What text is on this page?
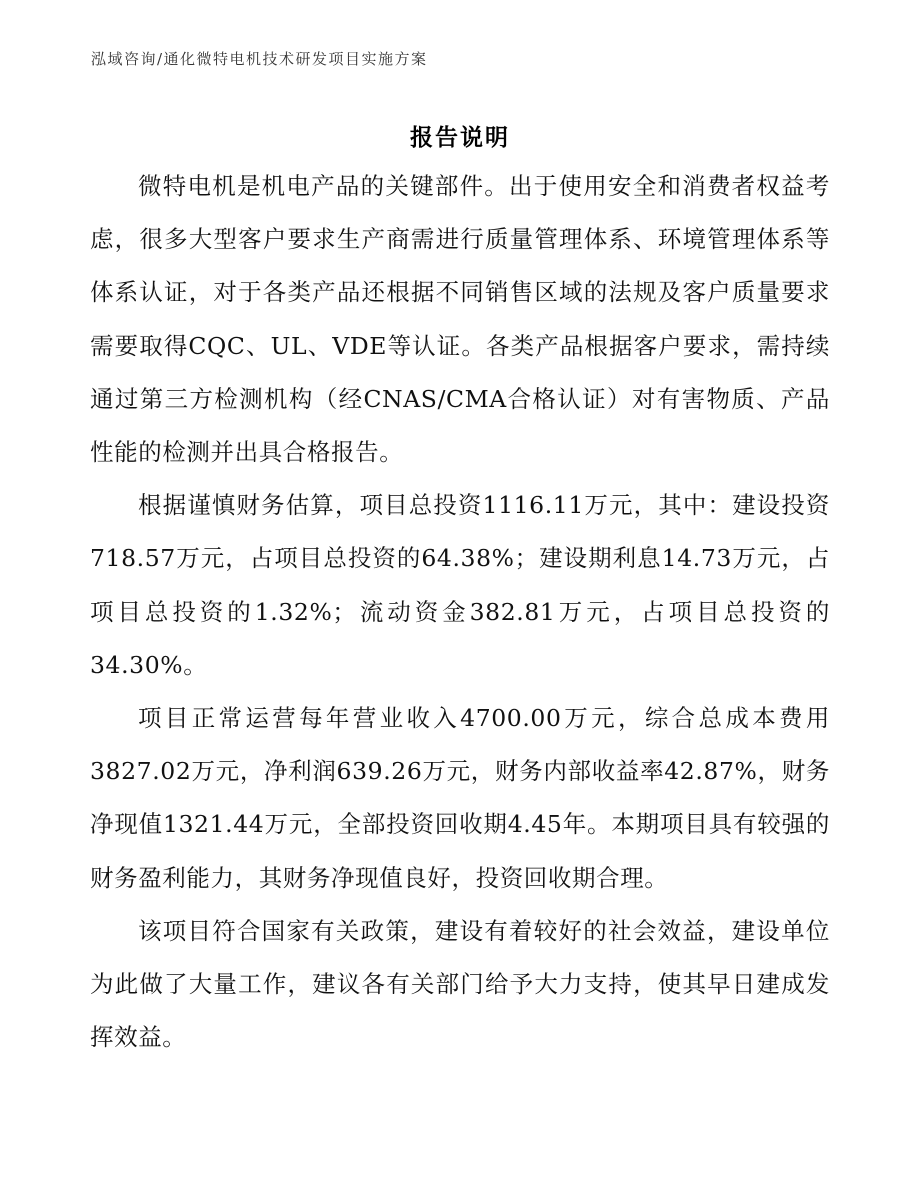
泓域咨询/通化微特电机技术研发项目实施方案
报告说明

微特电机是机电产品的关键部件。出于使用安全和消费者权益考虑，很多大型客户要求生产商需进行质量管理体系、环境管理体系等体系认证，对于各类产品还根据不同销售区域的法规及客户质量要求需要取得CQC、UL、VDE等认证。各类产品根据客户要求，需持续通过第三方检测机构（经CNAS/CMA合格认证）对有害物质、产品性能的检测并出具合格报告。

根据谨慎财务估算，项目总投资1116.11万元，其中：建设投资718.57万元，占项目总投资的64.38%；建设期利息14.73万元，占项目总投资的1.32%；流动资金382.81万元，占项目总投资的34.30%。

项目正常运营每年营业收入4700.00万元，综合总成本费用3827.02万元，净利润639.26万元，财务内部收益率42.87%，财务净现值1321.44万元，全部投资回收期4.45年。本期项目具有较强的财务盈利能力，其财务净现值良好，投资回收期合理。

该项目符合国家有关政策，建设有着较好的社会效益，建设单位为此做了大量工作，建议各有关部门给予大力支持，使其早日建成发挥效益。
